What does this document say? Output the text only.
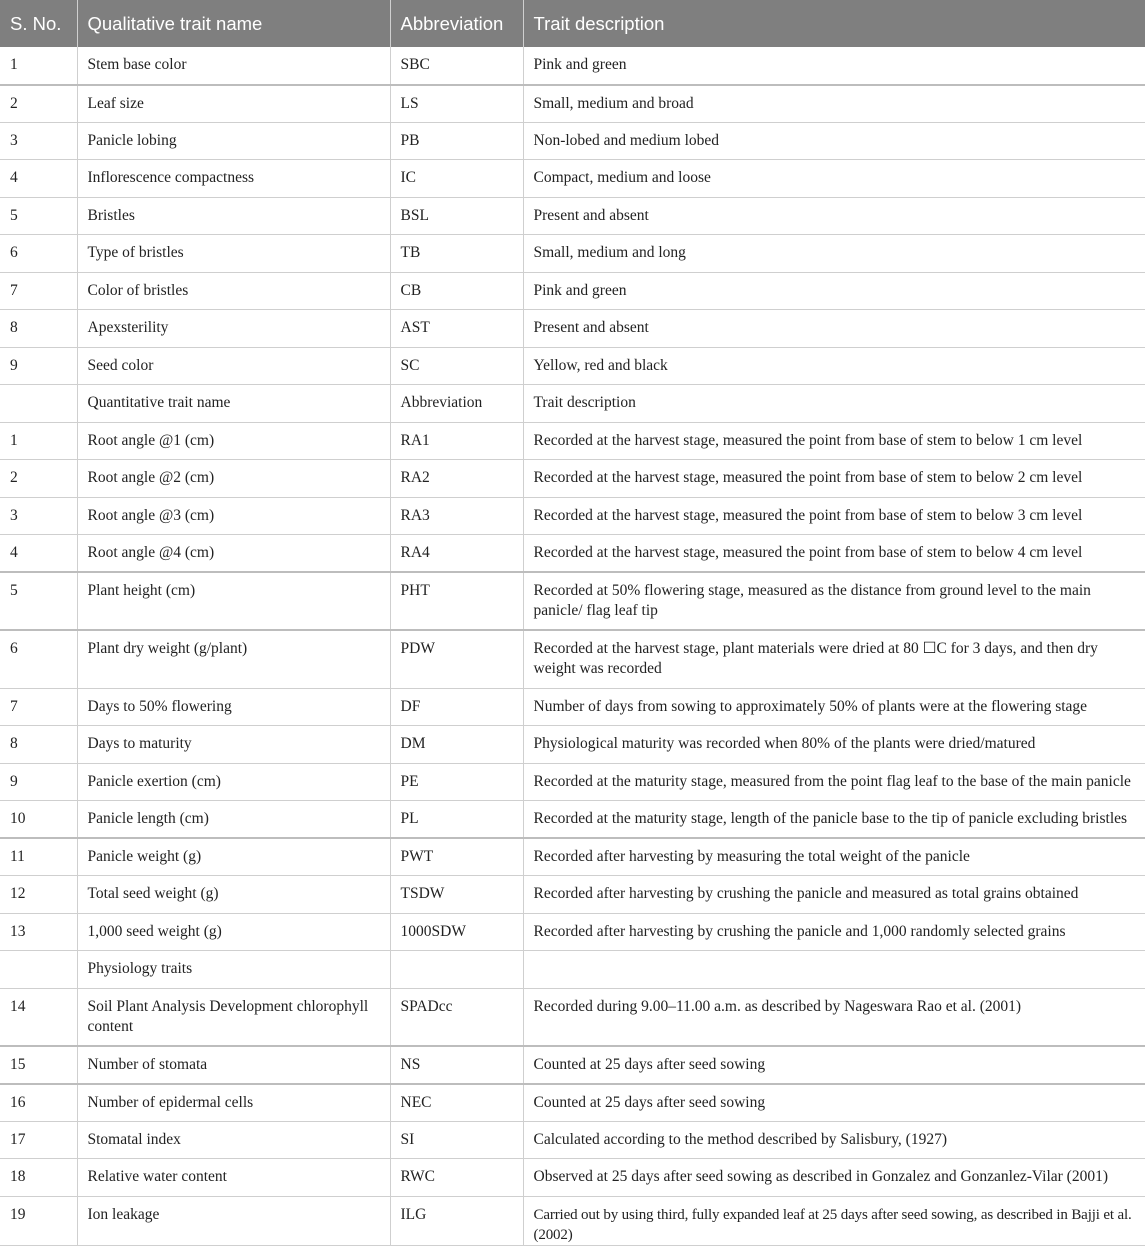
S. No.	Qualitative trait name	Abbreviation	Trait description
1	Stem base color	SBC	Pink and green
2	Leaf size	LS	Small, medium and broad
3	Panicle lobing	PB	Non-lobed and medium lobed
4	Inflorescence compactness	IC	Compact, medium and loose
5	Bristles	BSL	Present and absent
6	Type of bristles	TB	Small, medium and long
7	Color of bristles	CB	Pink and green
8	Apexsterility	AST	Present and absent
9	Seed color	SC	Yellow, red and black
	Quantitative trait name	Abbreviation	Trait description
1	Root angle @1 (cm)	RA1	Recorded at the harvest stage, measured the point from base of stem to below 1 cm level
2	Root angle @2 (cm)	RA2	Recorded at the harvest stage, measured the point from base of stem to below 2 cm level
3	Root angle @3 (cm)	RA3	Recorded at the harvest stage, measured the point from base of stem to below 3 cm level
4	Root angle @4 (cm)	RA4	Recorded at the harvest stage, measured the point from base of stem to below 4 cm level
5	Plant height (cm)	PHT	Recorded at 50% flowering stage, measured as the distance from ground level to the main panicle/ flag leaf tip
6	Plant dry weight (g/plant)	PDW	Recorded at the harvest stage, plant materials were dried at 80 ☐C for 3 days, and then dry weight was recorded
7	Days to 50% flowering	DF	Number of days from sowing to approximately 50% of plants were at the flowering stage
8	Days to maturity	DM	Physiological maturity was recorded when 80% of the plants were dried/matured
9	Panicle exertion (cm)	PE	Recorded at the maturity stage, measured from the point flag leaf to the base of the main panicle
10	Panicle length (cm)	PL	Recorded at the maturity stage, length of the panicle base to the tip of panicle excluding bristles
11	Panicle weight (g)	PWT	Recorded after harvesting by measuring the total weight of the panicle
12	Total seed weight (g)	TSDW	Recorded after harvesting by crushing the panicle and measured as total grains obtained
13	1,000 seed weight (g)	1000SDW	Recorded after harvesting by crushing the panicle and 1,000 randomly selected grains
	Physiology traits		
14	Soil Plant Analysis Development chlorophyll content	SPADcc	Recorded during 9.00–11.00 a.m. as described by Nageswara Rao et al. (2001)
15	Number of stomata	NS	Counted at 25 days after seed sowing
16	Number of epidermal cells	NEC	Counted at 25 days after seed sowing
17	Stomatal index	SI	Calculated according to the method described by Salisbury, (1927)
18	Relative water content	RWC	Observed at 25 days after seed sowing as described in Gonzalez and Gonzanlez-Vilar (2001)
19	Ion leakage	ILG	Carried out by using third, fully expanded leaf at 25 days after seed sowing, as described in Bajji et al. (2002)
